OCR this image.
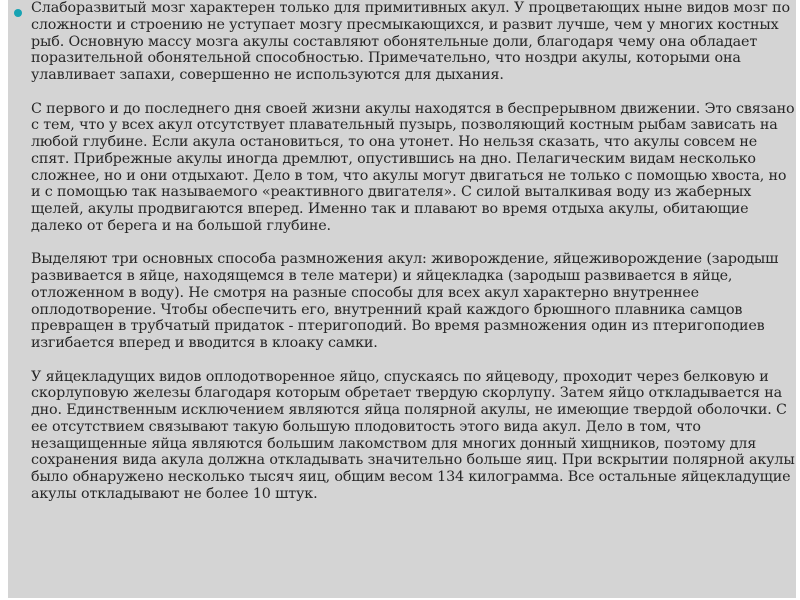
Слаборазвитый мозг характерен только для примитивных акул. У процветающих ныне видов мозг по сложности и строению не уступает мозгу пресмыкающихся, и развит лучше, чем у многих костных рыб. Основную массу мозга акулы составляют обонятельные доли, благодаря чему она обладает поразительной обонятельной способностью. Примечательно, что ноздри акулы, которыми она улавливает запахи, совершенно не используются для дыхания.

С первого и до последнего дня своей жизни акулы находятся в беспрерывном движении. Это связано с тем, что у всех акул отсутствует плавательный пузырь, позволяющий костным рыбам зависать на любой глубине. Если акула остановиться, то она утонет. Но нельзя сказать, что акулы совсем не спят. Прибрежные акулы иногда дремлют, опустившись на дно. Пелагическим видам несколько сложнее, но и они отдыхают. Дело в том, что акулы могут двигаться не только с помощью хвоста, но и с помощью так называемого «реактивного двигателя». С силой выталкивая воду из жаберных щелей, акулы продвигаются вперед. Именно так и плавают во время отдыха акулы, обитающие далеко от берега и на большой глубине.

Выделяют три основных способа размножения акул: живорождение, яйцеживорождение (зародыш развивается в яйце, находящемся в теле матери) и яйцекладка (зародыш развивается в яйце, отложенном в воду). Не смотря на разные способы для всех акул характерно внутреннее оплодотворение. Чтобы обеспечить его, внутренний край каждого брюшного плавника самцов превращен в трубчатый придаток - птеригоподий. Во время размножения один из птеригоподиев изгибается вперед и вводится в клоаку самки.

У яйцекладущих видов оплодотворенное яйцо, спускаясь по яйцеводу, проходит через белковую и скорлуповую железы благодаря которым обретает твердую скорлупу. Затем яйцо откладывается на дно. Единственным исключением являются яйца полярной акулы, не имеющие твердой оболочки. С ее отсутствием связывают такую большую плодовитость этого вида акул. Дело в том, что незащищенные яйца являются большим лакомством для многих донный хищников, поэтому для сохранения вида акула должна откладывать значительно больше яиц. При вскрытии полярной акулы было обнаружено несколько тысяч яиц, общим весом 134 килограмма. Все остальные яйцекладущие акулы откладывают не более 10 штук.
